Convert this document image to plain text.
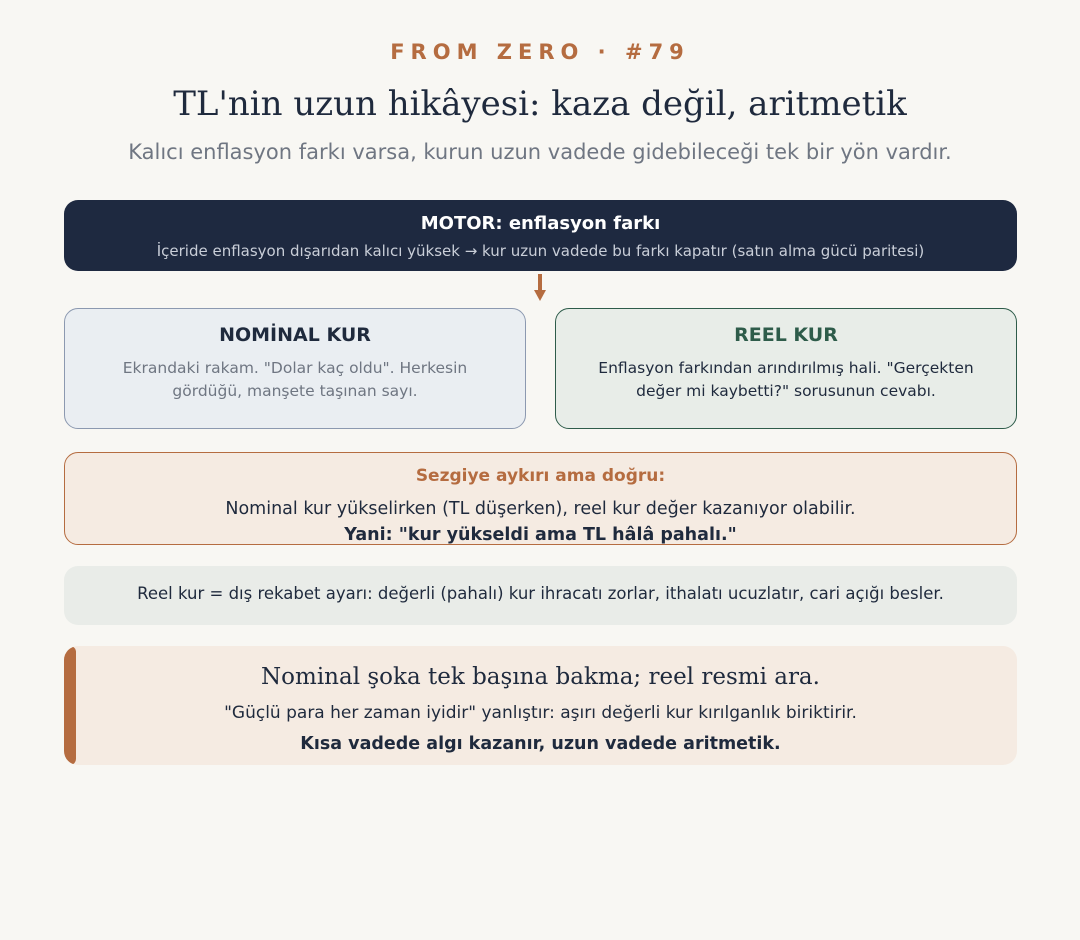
FROM ZERO · #79
TL'nin uzun hikâyesi: kaza değil, aritmetik
Kalıcı enflasyon farkı varsa, kurun uzun vadede gidebileceği tek bir yön vardır.
MOTOR: enflasyon farkı
İçeride enflasyon dışarıdan kalıcı yüksek → kur uzun vadede bu farkı kapatır (satın alma gücü paritesi)
NOMİNAL KUR
Ekrandaki rakam. "Dolar kaç oldu". Herkesin gördüğü, manşete taşınan sayı.
REEL KUR
Enflasyon farkından arındırılmış hali. "Gerçekten değer mi kaybetti?" sorusunun cevabı.
Sezgiye aykırı ama doğru:
Nominal kur yükselirken (TL düşerken), reel kur değer kazanıyor olabilir.
Yani: "kur yükseldi ama TL hâlâ pahalı."
Reel kur = dış rekabet ayarı: değerli (pahalı) kur ihracatı zorlar, ithalatı ucuzlatır, cari açığı besler.
Nominal şoka tek başına bakma; reel resmi ara.
"Güçlü para her zaman iyidir" yanlıştır: aşırı değerli kur kırılganlık biriktirir.
Kısa vadede algı kazanır, uzun vadede aritmetik.
